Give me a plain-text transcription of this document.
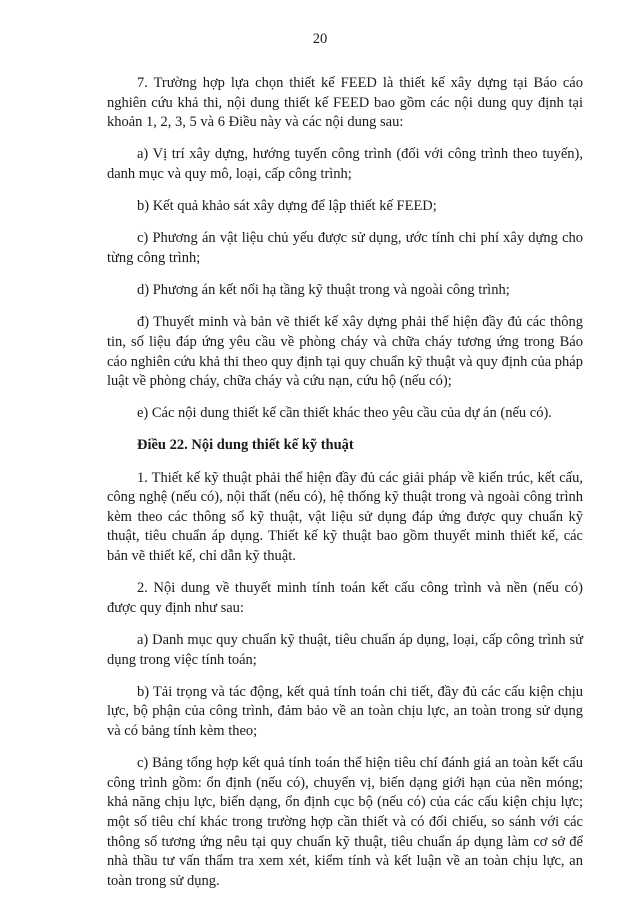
20

7. Trường hợp lựa chọn thiết kế FEED là thiết kế xây dựng tại Báo cáo nghiên cứu khả thi, nội dung thiết kế FEED bao gồm các nội dung quy định tại khoản 1, 2, 3, 5 và 6 Điều này và các nội dung sau:

a) Vị trí xây dựng, hướng tuyến công trình (đối với công trình theo tuyến), danh mục và quy mô, loại, cấp công trình;

b) Kết quả khảo sát xây dựng để lập thiết kế FEED;

c) Phương án vật liệu chủ yếu được sử dụng, ước tính chi phí xây dựng cho từng công trình;

d) Phương án kết nối hạ tầng kỹ thuật trong và ngoài công trình;

đ) Thuyết minh và bản vẽ thiết kế xây dựng phải thể hiện đầy đủ các thông tin, số liệu đáp ứng yêu cầu về phòng cháy và chữa cháy tương ứng trong Báo cáo nghiên cứu khả thi theo quy định tại quy chuẩn kỹ thuật và quy định của pháp luật về phòng cháy, chữa cháy và cứu nạn, cứu hộ (nếu có);

e) Các nội dung thiết kế cần thiết khác theo yêu cầu của dự án (nếu có).

Điều 22. Nội dung thiết kế kỹ thuật

1. Thiết kế kỹ thuật phải thể hiện đầy đủ các giải pháp về kiến trúc, kết cấu, công nghệ (nếu có), nội thất (nếu có), hệ thống kỹ thuật trong và ngoài công trình kèm theo các thông số kỹ thuật, vật liệu sử dụng đáp ứng được quy chuẩn kỹ thuật, tiêu chuẩn áp dụng. Thiết kế kỹ thuật bao gồm thuyết minh thiết kế, các bản vẽ thiết kế, chỉ dẫn kỹ thuật.

2. Nội dung về thuyết minh tính toán kết cấu công trình và nền (nếu có) được quy định như sau:

a) Danh mục quy chuẩn kỹ thuật, tiêu chuẩn áp dụng, loại, cấp công trình sử dụng trong việc tính toán;

b) Tải trọng và tác động, kết quả tính toán chi tiết, đầy đủ các cấu kiện chịu lực, bộ phận của công trình, đảm bảo về an toàn chịu lực, an toàn trong sử dụng và có bảng tính kèm theo;

c) Bảng tổng hợp kết quả tính toán thể hiện tiêu chí đánh giá an toàn kết cấu công trình gồm: ổn định (nếu có), chuyển vị, biến dạng giới hạn của nền móng; khả năng chịu lực, biến dạng, ổn định cục bộ (nếu có) của các cấu kiện chịu lực; một số tiêu chí khác trong trường hợp cần thiết và có đối chiếu, so sánh với các thông số tương ứng nêu tại quy chuẩn kỹ thuật, tiêu chuẩn áp dụng làm cơ sở để nhà thầu tư vấn thẩm tra xem xét, kiểm tính và kết luận về an toàn chịu lực, an toàn trong sử dụng.
